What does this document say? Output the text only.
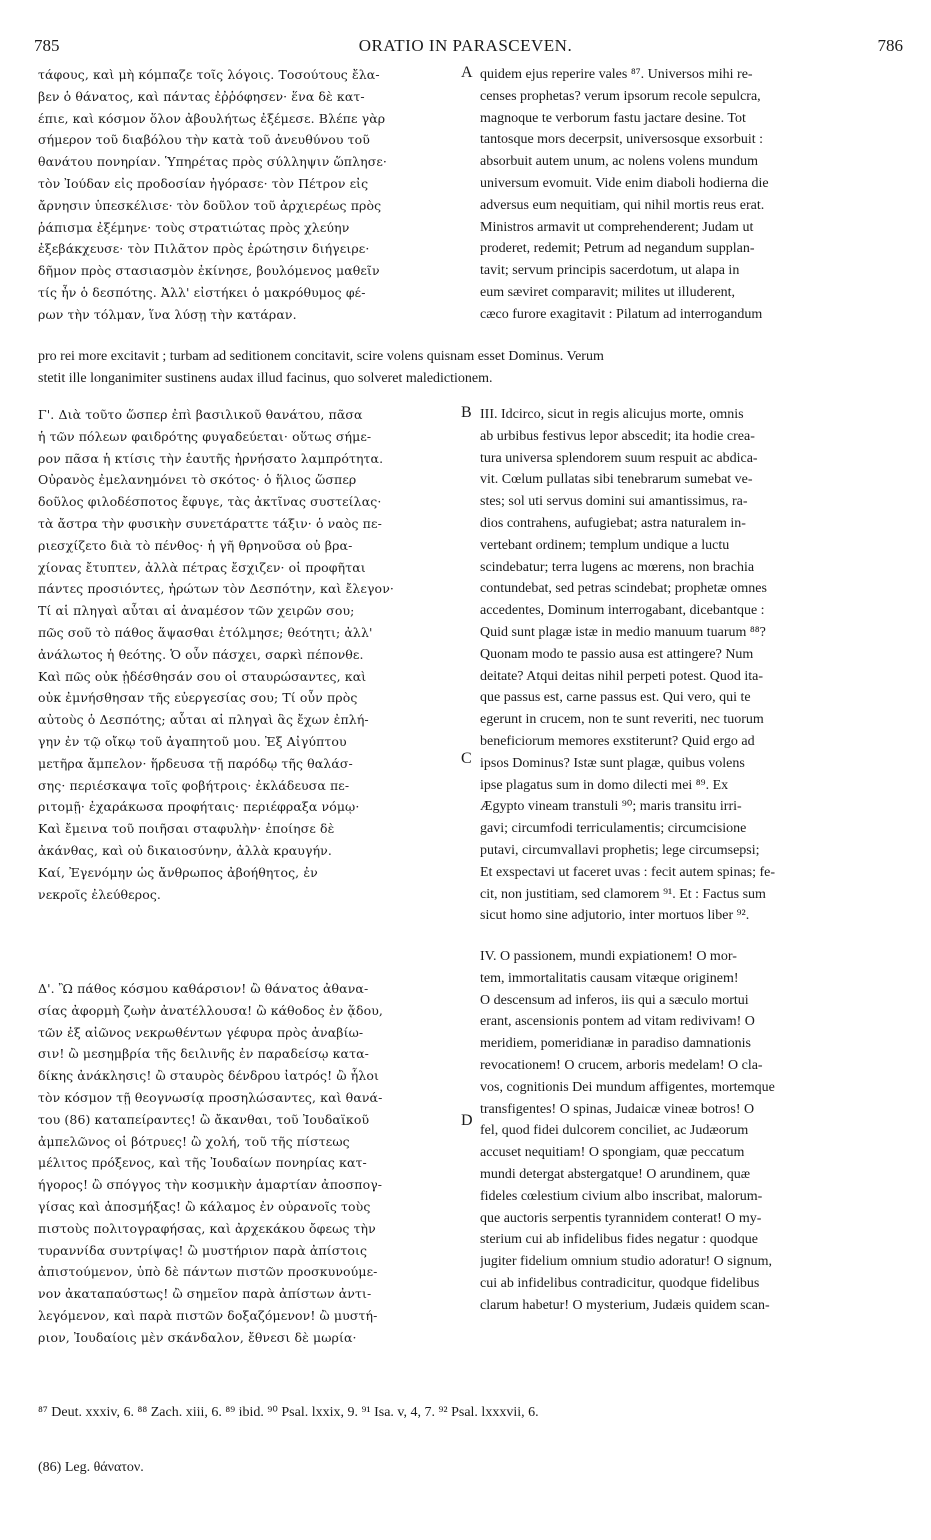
785	ORATIO IN PARASCEVEN.	786
τάφους, καὶ μὴ κόμπαζε τοῖς λόγοις. Τοσούτους ἔλα-
βεν ὁ θάνατος, καὶ πάντας ἐῤῥόφησεν· ἕνα δὲ κατ-
έπιε, καὶ κόσμον ὅλον ἀβουλήτως ἐξέμεσε. Βλέπε γὰρ
σήμερον τοῦ διαβόλου τὴν κατὰ τοῦ ἀνευθύνου τοῦ
θανάτου πονηρίαν. Ὑπηρέτας πρὸς σύλληψιν ὥπλησε·
τὸν Ἰούδαν εἰς προδοσίαν ἠγόρασε· τὸν Πέτρον εἰς
ἄρνησιν ὑπεσκέλισε· τὸν δοῦλον τοῦ ἀρχιερέως πρὸς
ῥάπισμα ἐξέμηνε· τοὺς στρατιώτας πρὸς χλεύην
ἐξεβάκχευσε· τὸν Πιλᾶτον πρὸς ἐρώτησιν διήγειρε·
δῆμον πρὸς στασιασμὸν ἐκίνησε, βουλόμενος μαθεῖν
τίς ἦν ὁ δεσπότης. Ἀλλ' εἰστήκει ὁ μακρόθυμος φέ-
ρων τὴν τόλμαν, ἵνα λύσῃ τὴν κατάραν.
quidem ejus reperire vales ⁸⁷. Universos mihi re-
censes prophetas? verum ipsorum recole sepulcra,
magnoque te verborum fastu jactare desine. Tot
tantosque mors decerpsit, universosque exsorbuit :
absorbuit autem unum, ac nolens volens mundum
universum evomuit. Vide enim diaboli hodierna die
adversus eum nequitiam, qui nihil mortis reus erat.
Ministros armavit ut comprehenderent; Judam ut
proderet, redemit; Petrum ad negandum supplan-
tavit; servum principis sacerdotum, ut alapa in
eum sæviret comparavit; milites ut illuderent,
cæco furore exagitavit : Pilatum ad interrogandum
pro rei more excitavit ; turbam ad seditionem concitavit, scire volens quisnam esset Dominus. Verum
stetit ille longanimiter sustinens audax illud facinus, quo solveret maledictionem.
Γ'. Διὰ τοῦτο ὥσπερ ἐπὶ βασιλικοῦ θανάτου, πᾶσα
ἡ τῶν πόλεων φαιδρότης φυγαδεύεται· οὕτως σήμε-
ρον πᾶσα ἡ κτίσις τὴν ἑαυτῆς ἠρνήσατο λαμπρότητα.
Οὐρανὸς ἐμελανημόνει τὸ σκότος· ὁ ἥλιος ὥσπερ
δοῦλος φιλοδέσποτος ἔφυγε, τὰς ἀκτῖνας συστείλας·
τὰ ἄστρα τὴν φυσικὴν συνετάραττε τάξιν· ὁ ναὸς πε-
ριεσχίζετο διὰ τὸ πένθος· ἡ γῆ θρηνοῦσα οὐ βρα-
χίονας ἔτυπτεν, ἀλλὰ πέτρας ἔσχιζεν· οἱ προφῆται
πάντες προσιόντες, ἠρώτων τὸν Δεσπότην, καὶ ἔλεγον·
Τί αἱ πληγαὶ αὗται αἱ ἀναμέσον τῶν χειρῶν σου;
πῶς σοῦ τὸ πάθος ἅψασθαι ἐτόλμησε; θεότητι; ἀλλ'
ἀνάλωτος ἡ θεότης. Ὁ οὖν πάσχει, σαρκὶ πέπονθε.
Καὶ πῶς οὐκ ᾐδέσθησάν σου οἱ σταυρώσαντες, καὶ
οὐκ ἐμνήσθησαν τῆς εὐεργεσίας σου; Τί οὖν πρὸς
αὐτοὺς ὁ Δεσπότης; αὗται αἱ πληγαὶ ἃς ἔχων ἐπλή-
γην ἐν τῷ οἴκῳ τοῦ ἀγαπητοῦ μου. Ἐξ Αἰγύπτου
μετῆρα ἄμπελον· ἥρδευσα τῇ παρόδῳ τῆς θαλάσ-
σης· περιέσκαψα τοῖς φοβήτροις· ἐκλάδευσα πε-
ριτομῇ· ἐχαράκωσα προφήταις· περιέφραξα νόμῳ·
Καὶ ἔμεινα τοῦ ποιῆσαι σταφυλὴν· ἐποίησε δὲ
ἀκάνθας, καὶ οὐ δικαιοσύνην, ἀλλὰ κραυγήν.
Καί, Ἐγενόμην ὡς ἄνθρωπος ἀβοήθητος, ἐν
νεκροῖς ἐλεύθερος.
III. Idcirco, sicut in regis alicujus morte, omnis
ab urbibus festivus lepor abscedit; ita hodie crea-
tura universa splendorem suum respuit ac abdica-
vit. Cœlum pullatas sibi tenebrarum sumebat ve-
stes; sol uti servus domini sui amantissimus, ra-
dios contrahens, aufugiebat; astra naturalem in-
vertebant ordinem; templum undique a luctu
scindebatur; terra lugens ac mœrens, non brachia
contundebat, sed petras scindebat; prophetæ omnes
accedentes, Dominum interrogabant, dicebantque :
Quid sunt plagæ istæ in medio manuum tuarum ⁸⁸?
Quonam modo te passio ausa est attingere? Num
deitate? Atqui deitas nihil perpeti potest. Quod ita-
que passus est, carne passus est. Qui vero, qui te
egerunt in crucem, non te sunt reveriti, nec tuorum
beneficiorum memores exstiterunt? Quid ergo ad
ipsos Dominus? Istæ sunt plagæ, quibus volens
ipse plagatus sum in domo dilecti mei ⁸⁹. Ex
Ægypto vineam transtuli ⁹⁰; maris transitu irri-
gavi; circumfodi terriculamentis; circumcisione
putavi, circumvallavi prophetis; lege circumsepsi;
Et exspectavi ut faceret uvas : fecit autem spinas; fe-
cit, non justitiam, sed clamorem ⁹¹. Et : Factus sum
sicut homo sine adjutorio, inter mortuos liber ⁹².
Δ'. Ὢ πάθος κόσμου καθάρσιον! ὢ θάνατος ἀθανα-
σίας ἀφορμὴ ζωὴν ἀνατέλλουσα! ὢ κάθοδος ἐν ᾅδου,
τῶν ἐξ αἰῶνος νεκρωθέντων γέφυρα πρὸς ἀναβίω-
σιν! ὢ μεσημβρία τῆς δειλινῆς ἐν παραδείσῳ κατα-
δίκης ἀνάκλησις! ὢ σταυρὸς δένδρου ἰατρός! ὢ ἧλοι
τὸν κόσμον τῇ θεογνωσίᾳ προσηλώσαντες, καὶ θανά-
του (86) καταπείραντες! ὢ ἄκανθαι, τοῦ Ἰουδαϊκοῦ
ἀμπελῶνος οἱ βότρυες! ὢ χολή, τοῦ τῆς πίστεως
μέλιτος πρόξενος, καὶ τῆς Ἰουδαίων πονηρίας κατ-
ήγορος! ὢ σπόγγος τὴν κοσμικὴν ἁμαρτίαν ἀποσπογ-
γίσας καὶ ἀποσμήξας! ὢ κάλαμος ἐν οὐρανοῖς τοὺς
πιστοὺς πολιτογραφήσας, καὶ ἀρχεκάκου ὄφεως τὴν
τυραννίδα συντρίψας! ὢ μυστήριον παρὰ ἀπίστοις
ἀπιστούμενον, ὑπὸ δὲ πάντων πιστῶν προσκυνούμε-
νον ἀκαταπαύστως! ὢ σημεῖον παρὰ ἀπίστων ἀντι-
λεγόμενον, καὶ παρὰ πιστῶν δοξαζόμενον! ὢ μυστή-
ριον, Ἰουδαίοις μὲν σκάνδαλον, ἔθνεσι δὲ μωρία·
IV. O passionem, mundi expiationem! O mor-
tem, immortalitatis causam vitæque originem!
O descensum ad inferos, iis qui a sæculo mortui
erant, ascensionis pontem ad vitam redivivam! O
meridiem, pomeridianæ in paradiso damnationis
revocationem! O crucem, arboris medelam! O cla-
vos, cognitionis Dei mundum affigentes, mortemque
transfigentes! O spinas, Judaicæ vineæ botros! O
fel, quod fidei dulcorem conciliet, ac Judæorum
accuset nequitiam! O spongiam, quæ peccatum
mundi detergat abstergatque! O arundinem, quæ
fideles cœlestium civium albo inscribat, malorum-
que auctoris serpentis tyrannidem conterat! O my-
sterium cui ab infidelibus fides negatur : quodque
jugiter fidelium omnium studio adoratur! O signum,
cui ab infidelibus contradicitur, quodque fidelibus
clarum habetur! O mysterium, Judæis quidem scan-
A
B
C
D
⁸⁷ Deut. xxxiv, 6. ⁸⁸ Zach. xiii, 6. ⁸⁹ ibid. ⁹⁰ Psal. lxxix, 9. ⁹¹ Isa. v, 4, 7. ⁹² Psal. lxxxvii, 6.
(86) Leg. θάνατον.
